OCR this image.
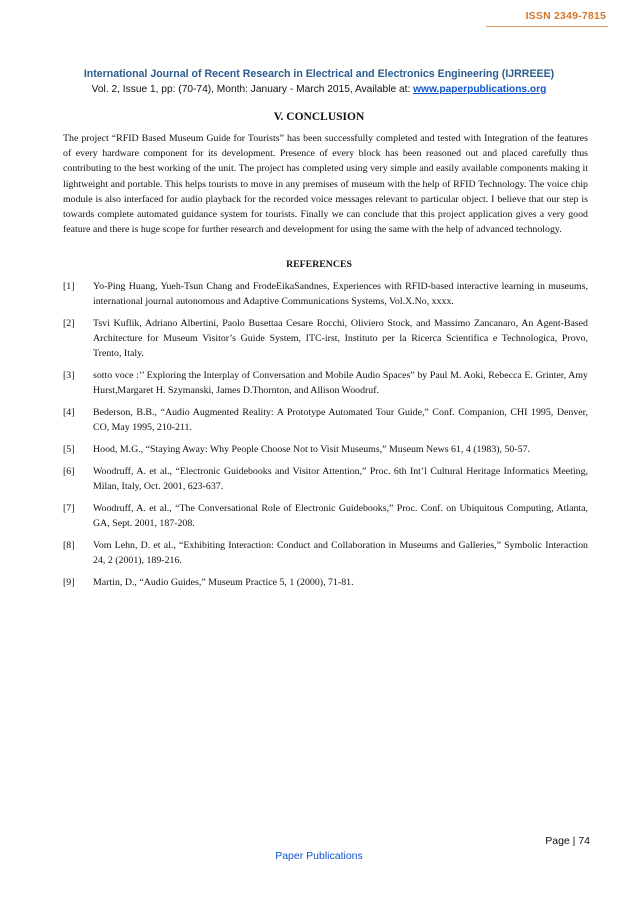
ISSN 2349-7815
International Journal of Recent Research in Electrical and Electronics Engineering (IJRREEE)
Vol. 2, Issue 1, pp: (70-74), Month: January - March 2015, Available at: www.paperpublications.org
V. CONCLUSION
The project “RFID Based Museum Guide for Tourists” has been successfully completed and tested with Integration of the features of every hardware component for its development. Presence of every block has been reasoned out and placed carefully thus contributing to the best working of the unit. The project has completed using very simple and easily available components making it lightweight and portable. This helps tourists to move in any premises of museum with the help of RFID Technology. The voice chip module is also interfaced for audio playback for the recorded voice messages relevant to particular object. I believe that our step is towards complete automated guidance system for tourists. Finally we can conclude that this project application gives a very good feature and there is huge scope for further research and development for using the same with the help of advanced technology.
REFERENCES
[1]	Yo-Ping Huang, Yueh-Tsun Chang and FrodeEikaSandnes, Experiences with RFID-based interactive learning in museums, international journal autonomous and Adaptive Communications Systems, Vol.X.No, xxxx.
[2]	Tsvi Kuflik, Adriano Albertini, Paolo Busettaa Cesare Rocchi, Oliviero Stock, and Massimo Zancanaro, An Agent-Based Architecture for Museum Visitor’s Guide System, ITC-irst, Instituto per la Ricerca Scientifica e Technologica, Provo, Trento, Italy.
[3]	sotto voce :’’ Exploring the Interplay of Conversation and Mobile Audio Spaces” by Paul M. Aoki, Rebecca E. Grinter, Amy Hurst,Margaret H. Szymanski, James D.Thornton, and Allison Woodruf.
[4]	Bederson, B.B., “Audio Augmented Reality: A Prototype Automated Tour Guide,” Conf. Companion, CHI 1995, Denver, CO, May 1995, 210-211.
[5]	Hood, M.G., “Staying Away: Why People Choose Not to Visit Museums,” Museum News 61, 4 (1983), 50-57.
[6]	Woodruff, A. et al., “Electronic Guidebooks and Visitor Attention,” Proc. 6th Int’l Cultural Heritage Informatics Meeting, Milan, Italy, Oct. 2001, 623-637.
[7]	Woodruff, A. et al., “The Conversational Role of Electronic Guidebooks,” Proc. Conf. on Ubiquitous Computing, Atlanta, GA, Sept. 2001, 187-208.
[8]	Vom Lehn, D. et al., “Exhibiting Interaction: Conduct and Collaboration in Museums and Galleries,” Symbolic Interaction 24, 2 (2001), 189-216.
[9]	Martin, D., “Audio Guides,” Museum Practice 5, 1 (2000), 71-81.
Page | 74
Paper Publications
